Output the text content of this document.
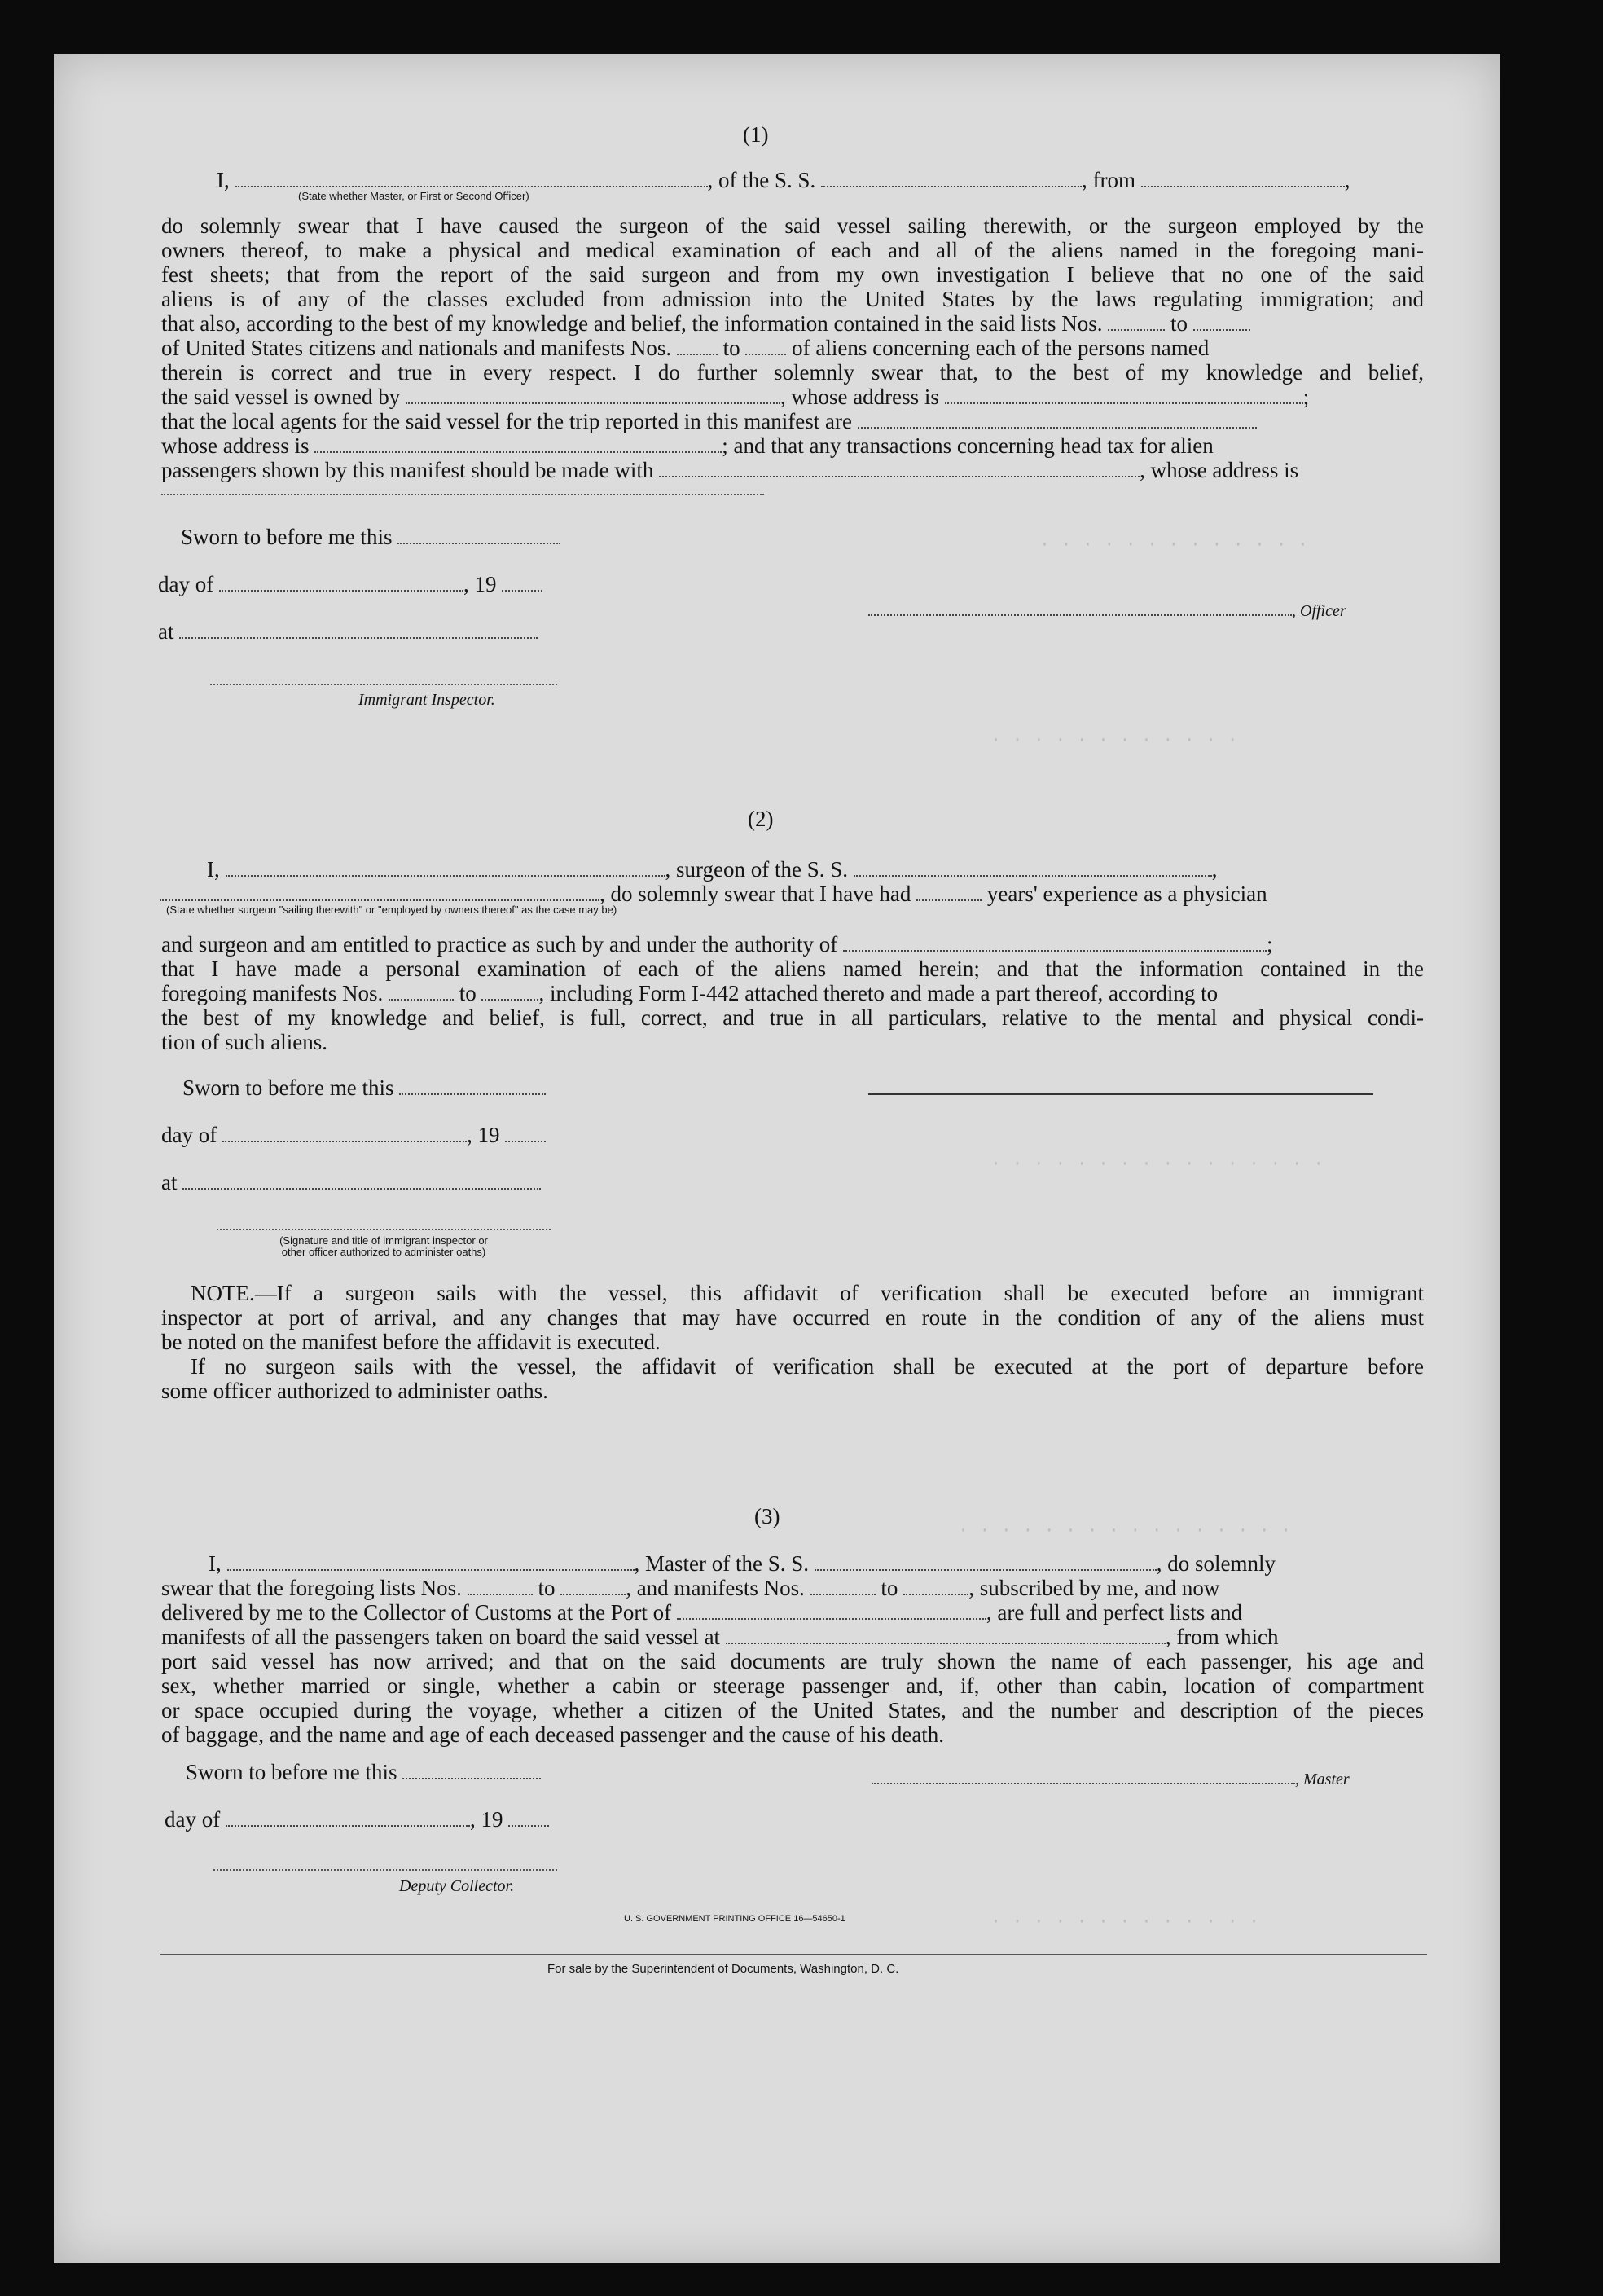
· · · · · · · · · · · · ·
· · · · · · · · · · · ·
· · · · · · · · · · · · · · · ·
· · · · · · · · · · · · · · · ·
· · · · · · · · · · · · ·
(1)
I,	, of the S. S.	, from	,
(State whether Master, or First or Second Officer)
do solemnly swear that I have caused the surgeon of the said vessel sailing therewith, or the surgeon employed by the
owners thereof, to make a physical and medical examination of each and all of the aliens named in the foregoing mani-
fest sheets; that from the report of the said surgeon and from my own investigation I believe that no one of the said
aliens is of any of the classes excluded from admission into the United States by the laws regulating immigration; and
that also, according to the best of my knowledge and belief, the information contained in the said lists Nos.	to
of United States citizens and nationals and manifests Nos. to of aliens concerning each of the persons named
therein is correct and true in every respect. I do further solemnly swear that, to the best of my knowledge and belief,
the said vessel is owned by	, whose address is	;
that the local agents for the said vessel for the trip reported in this manifest are
whose address is	; and that any transactions concerning head tax for alien
passengers shown by this manifest should be made with	, whose address is
Sworn to before me this
day of	, 19
at
, Officer
Immigrant Inspector.
(2)
I,	, surgeon of the S. S.	,
, do solemnly swear that I have had	years' experience as a physician
(State whether surgeon "sailing therewith" or "employed by owners thereof" as the case may be)
and surgeon and am entitled to practice as such by and under the authority of	;
that I have made a personal examination of each of the aliens named herein; and that the information contained in the
foregoing manifests Nos.	to	, including Form I-442 attached thereto and made a part thereof, according to
the best of my knowledge and belief, is full, correct, and true in all particulars, relative to the mental and physical condi-
tion of such aliens.
Sworn to before me this
day of	, 19
at
(Signature and title of immigrant inspector or
other officer authorized to administer oaths)
NOTE.—If a surgeon sails with the vessel, this affidavit of verification shall be executed before an immigrant
inspector at port of arrival, and any changes that may have occurred en route in the condition of any of the aliens must
be noted on the manifest before the affidavit is executed.
If no surgeon sails with the vessel, the affidavit of verification shall be executed at the port of departure before
some officer authorized to administer oaths.
(3)
I,	, Master of the S. S.	, do solemnly
swear that the foregoing lists Nos.	to	, and manifests Nos.	to	, subscribed by me, and now
delivered by me to the Collector of Customs at the Port of	, are full and perfect lists and
manifests of all the passengers taken on board the said vessel at	, from which
port said vessel has now arrived; and that on the said documents are truly shown the name of each passenger, his age and
sex, whether married or single, whether a cabin or steerage passenger and, if, other than cabin, location of compartment
or space occupied during the voyage, whether a citizen of the United States, and the number and description of the pieces
of baggage, and the name and age of each deceased passenger and the cause of his death.
Sworn to before me this	, Master
day of	, 19
Deputy Collector.
U. S. GOVERNMENT PRINTING OFFICE 16—54650-1
For sale by the Superintendent of Documents, Washington, D. C.
